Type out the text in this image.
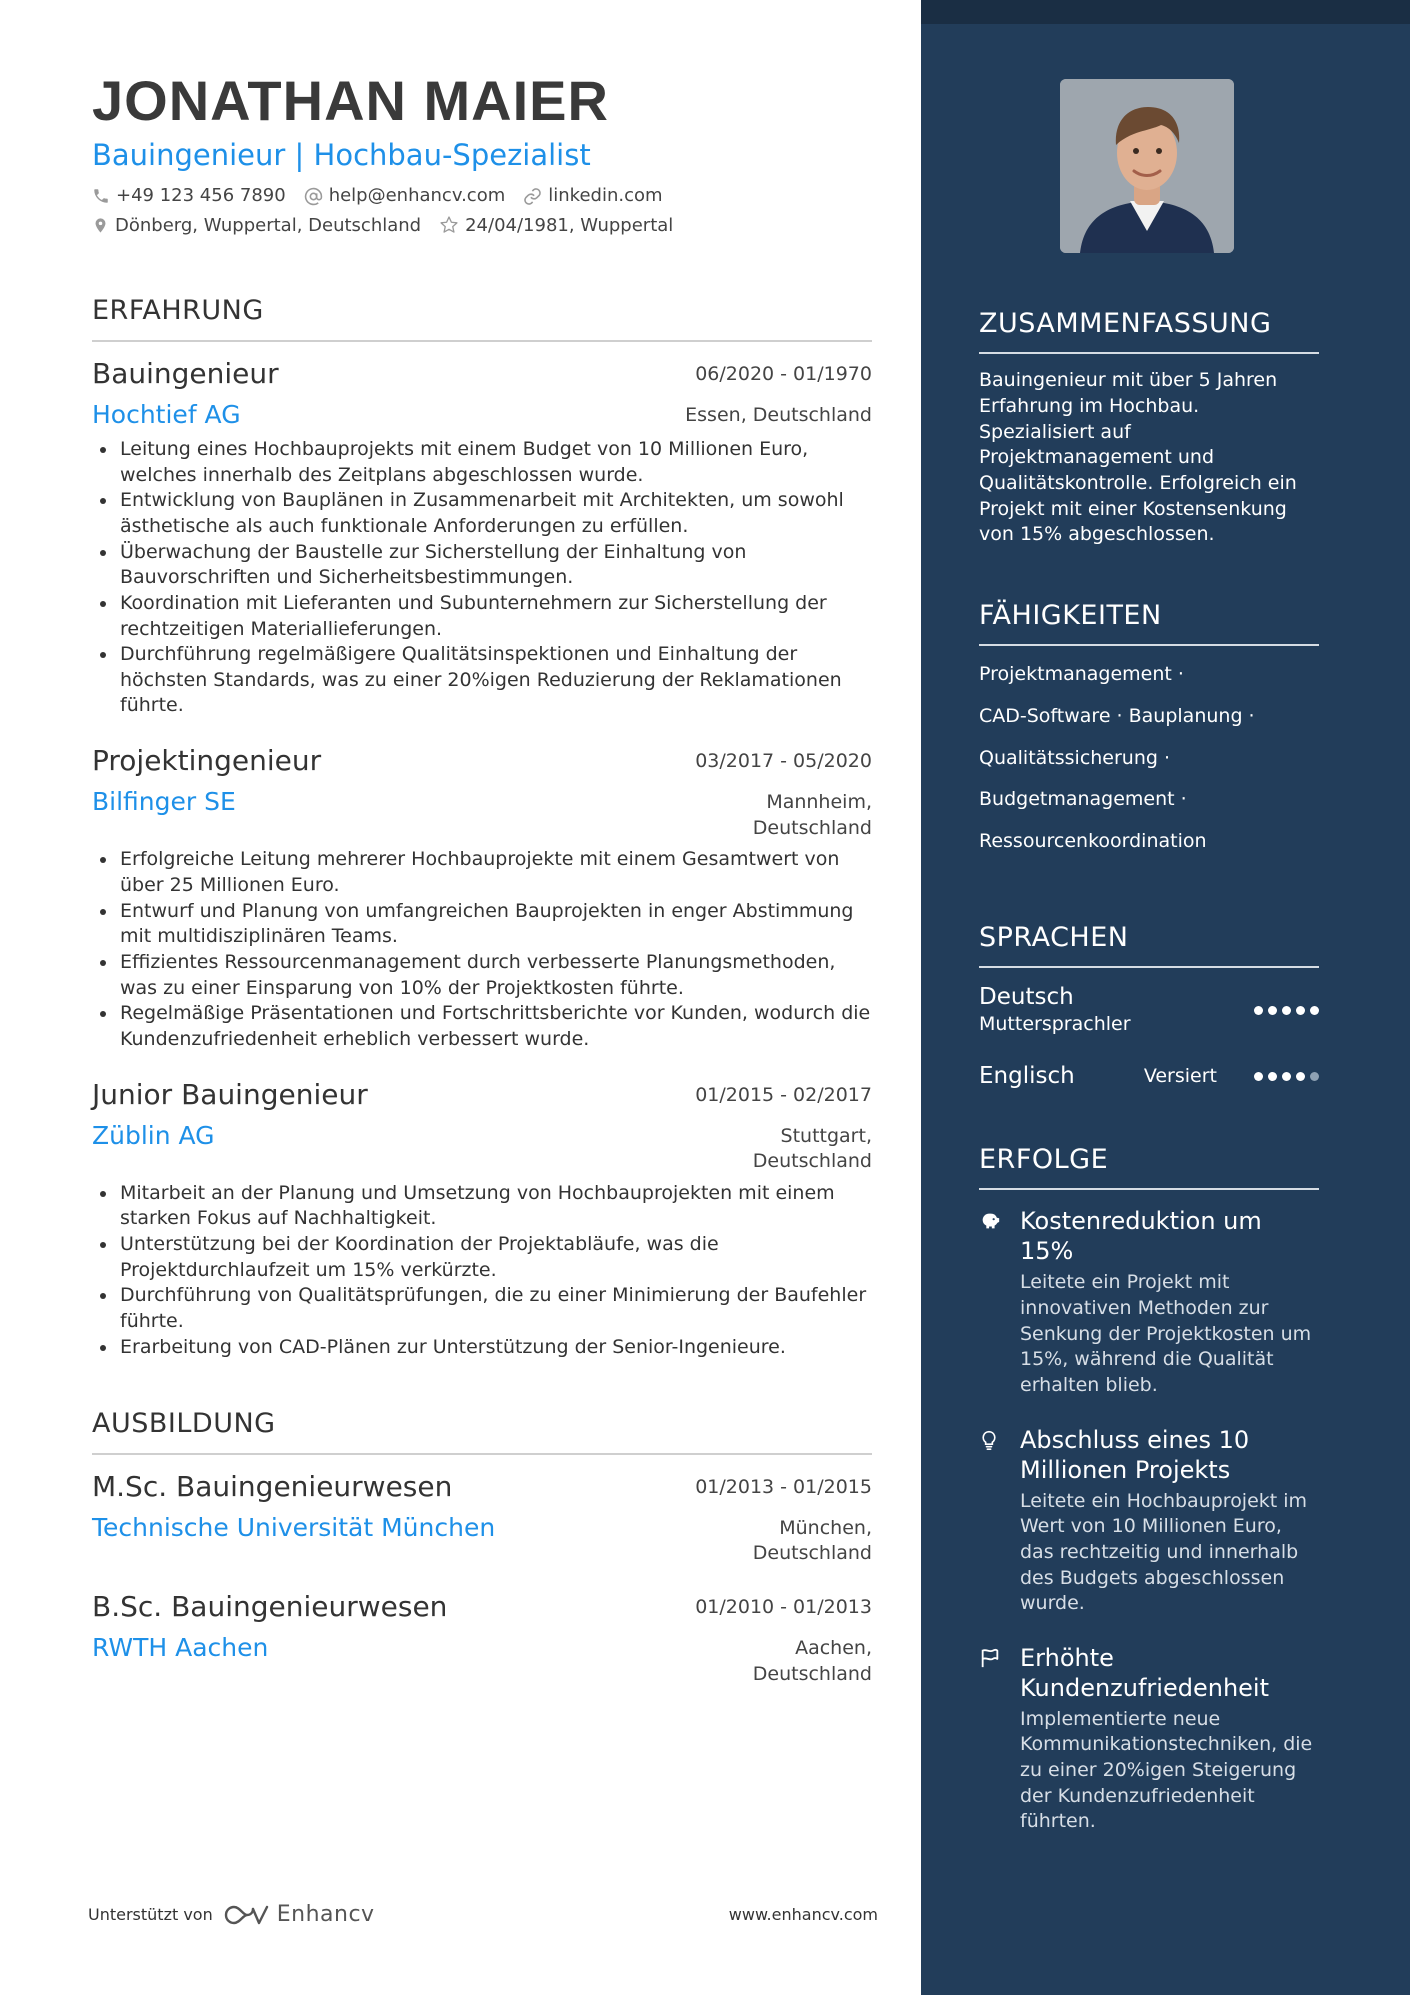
JONATHAN MAIER
Bauingenieur | Hochbau-Spezialist
+49 123 456 7890 help@enhancv.com linkedin.com
Dönberg, Wuppertal, Deutschland 24/04/1981, Wuppertal
ERFAHRUNG
Bauingenieur	06/2020 - 01/1970
Hochtief AG	Essen, Deutschland
Leitung eines Hochbauprojekts mit einem Budget von 10 Millionen Euro, welches innerhalb des Zeitplans abgeschlossen wurde.
Entwicklung von Bauplänen in Zusammenarbeit mit Architekten, um sowohl ästhetische als auch funktionale Anforderungen zu erfüllen.
Überwachung der Baustelle zur Sicherstellung der Einhaltung von Bauvorschriften und Sicherheitsbestimmungen.
Koordination mit Lieferanten und Subunternehmern zur Sicherstellung der rechtzeitigen Materiallieferungen.
Durchführung regelmäßigere Qualitätsinspektionen und Einhaltung der höchsten Standards, was zu einer 20%igen Reduzierung der Reklamationen führte.
Projektingenieur	03/2017 - 05/2020
Bilfinger SE	Mannheim,
Deutschland
Erfolgreiche Leitung mehrerer Hochbauprojekte mit einem Gesamtwert von über 25 Millionen Euro.
Entwurf und Planung von umfangreichen Bauprojekten in enger Abstimmung mit multidisziplinären Teams.
Effizientes Ressourcenmanagement durch verbesserte Planungsmethoden, was zu einer Einsparung von 10% der Projektkosten führte.
Regelmäßige Präsentationen und Fortschrittsberichte vor Kunden, wodurch die Kundenzufriedenheit erheblich verbessert wurde.
Junior Bauingenieur	01/2015 - 02/2017
Züblin AG	Stuttgart,
Deutschland
Mitarbeit an der Planung und Umsetzung von Hochbauprojekten mit einem starken Fokus auf Nachhaltigkeit.
Unterstützung bei der Koordination der Projektabläufe, was die Projektdurchlaufzeit um 15% verkürzte.
Durchführung von Qualitätsprüfungen, die zu einer Minimierung der Baufehler führte.
Erarbeitung von CAD-Plänen zur Unterstützung der Senior-Ingenieure.
AUSBILDUNG
M.Sc. Bauingenieurwesen	01/2013 - 01/2015
Technische Universität München	München,
Deutschland
B.Sc. Bauingenieurwesen	01/2010 - 01/2013
RWTH Aachen	Aachen,
Deutschland
Unterstützt von	Enhancv	www.enhancv.com
ZUSAMMENFASSUNG
Bauingenieur mit über 5 Jahren Erfahrung im Hochbau. Spezialisiert auf Projektmanagement und Qualitätskontrolle. Erfolgreich ein Projekt mit einer Kostensenkung von 15% abgeschlossen.
FÄHIGKEITEN
Projektmanagement ·
CAD-Software · Bauplanung ·
Qualitätssicherung ·
Budgetmanagement ·
Ressourcenkoordination
SPRACHEN
Deutsch
Muttersprachler
Englisch	Versiert
ERFOLGE
Kostenreduktion um 15%
Leitete ein Projekt mit innovativen Methoden zur Senkung der Projektkosten um 15%, während die Qualität erhalten blieb.
Abschluss eines 10 Millionen Projekts
Leitete ein Hochbauprojekt im Wert von 10 Millionen Euro, das rechtzeitig und innerhalb des Budgets abgeschlossen wurde.
Erhöhte Kundenzufriedenheit
Implementierte neue Kommunikationstechniken, die zu einer 20%igen Steigerung der Kundenzufriedenheit führten.
